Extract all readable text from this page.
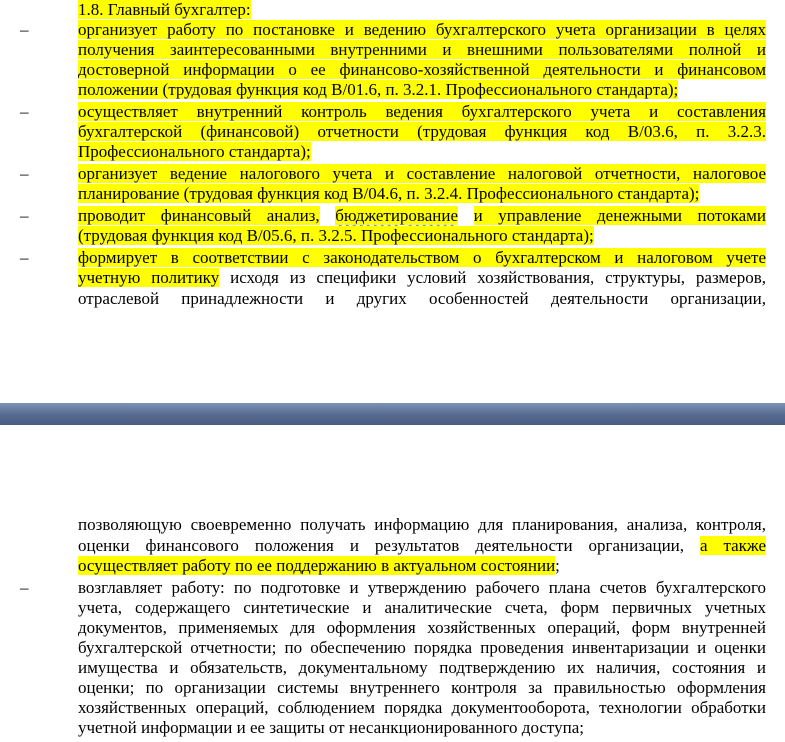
1.8. Главный бухгалтер:
–	организует работу по постановке и ведению бухгалтерского учета организации в целях
получения заинтересованными внутренними и внешними пользователями полной и
достоверной информации о ее финансово-хозяйственной деятельности и финансовом
положении (трудовая функция код В/01.6, п. 3.2.1. Профессионального стандарта);
–	осуществляет внутренний контроль ведения бухгалтерского учета и составления
бухгалтерской (финансовой) отчетности (трудовая функция код В/03.6, п. 3.2.3.
Профессионального стандарта);
–	организует ведение налогового учета и составление налоговой отчетности, налоговое
планирование (трудовая функция код В/04.6, п. 3.2.4. Профессионального стандарта);
–	проводит финансовый анализ, бюджетирование и управление денежными потоками
(трудовая функция код В/05.6, п. 3.2.5. Профессионального стандарта);
–	формирует в соответствии с законодательством о бухгалтерском и налоговом учете
учетную политику исходя из специфики условий хозяйствования, структуры, размеров,
отраслевой принадлежности и других особенностей деятельности организации,
позволяющую своевременно получать информацию для планирования, анализа, контроля,
оценки финансового положения и результатов деятельности организации, а также
осуществляет работу по ее поддержанию в актуальном состоянии;
–	возглавляет работу: по подготовке и утверждению рабочего плана счетов бухгалтерского
учета, содержащего синтетические и аналитические счета, форм первичных учетных
документов, применяемых для оформления хозяйственных операций, форм внутренней
бухгалтерской отчетности; по обеспечению порядка проведения инвентаризации и оценки
имущества и обязательств, документальному подтверждению их наличия, состояния и
оценки; по организации системы внутреннего контроля за правильностью оформления
хозяйственных операций, соблюдением порядка документооборота, технологии обработки
учетной информации и ее защиты от несанкционированного доступа;
